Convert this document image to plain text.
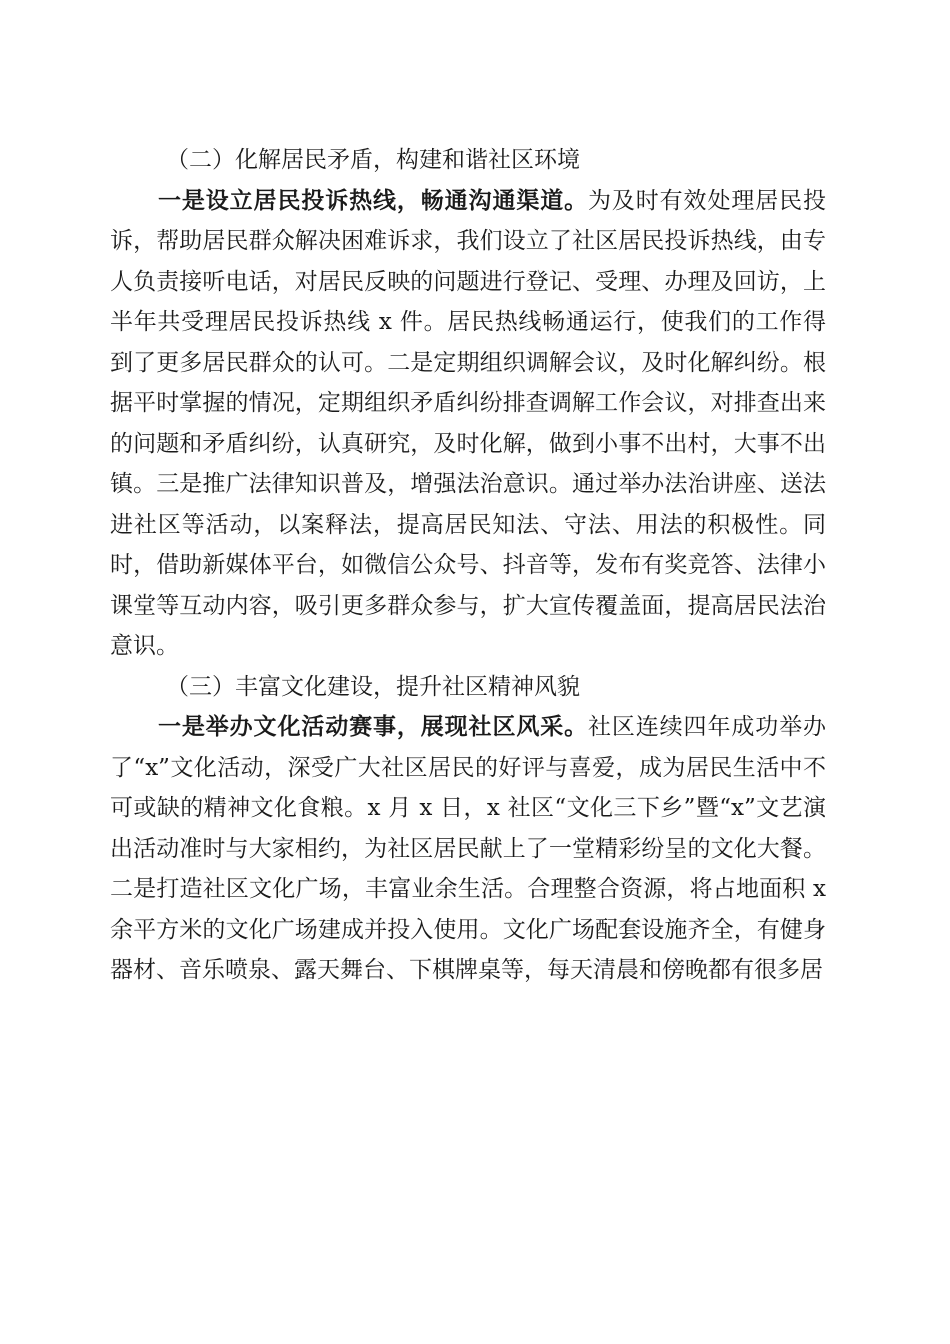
（二）化解居民矛盾，构建和谐社区环境

一是设立居民投诉热线，畅通沟通渠道。为及时有效处理居民投诉，帮助居民群众解决困难诉求，我们设立了社区居民投诉热线，由专人负责接听电话，对居民反映的问题进行登记、受理、办理及回访，上半年共受理居民投诉热线 x 件。居民热线畅通运行，使我们的工作得到了更多居民群众的认可。二是定期组织调解会议，及时化解纠纷。根据平时掌握的情况，定期组织矛盾纠纷排查调解工作会议，对排查出来的问题和矛盾纠纷，认真研究，及时化解，做到小事不出村，大事不出镇。三是推广法律知识普及，增强法治意识。通过举办法治讲座、送法进社区等活动，以案释法，提高居民知法、守法、用法的积极性。同时，借助新媒体平台，如微信公众号、抖音等，发布有奖竞答、法律小课堂等互动内容，吸引更多群众参与，扩大宣传覆盖面，提高居民法治意识。

（三）丰富文化建设，提升社区精神风貌

一是举办文化活动赛事，展现社区风采。社区连续四年成功举办了“x”文化活动，深受广大社区居民的好评与喜爱，成为居民生活中不可或缺的精神文化食粮。x 月 x 日，x 社区“文化三下乡”暨“x”文艺演出活动准时与大家相约，为社区居民献上了一堂精彩纷呈的文化大餐。二是打造社区文化广场，丰富业余生活。合理整合资源，将占地面积 x 余平方米的文化广场建成并投入使用。文化广场配套设施齐全，有健身器材、音乐喷泉、露天舞台、下棋牌桌等，每天清晨和傍晚都有很多居
